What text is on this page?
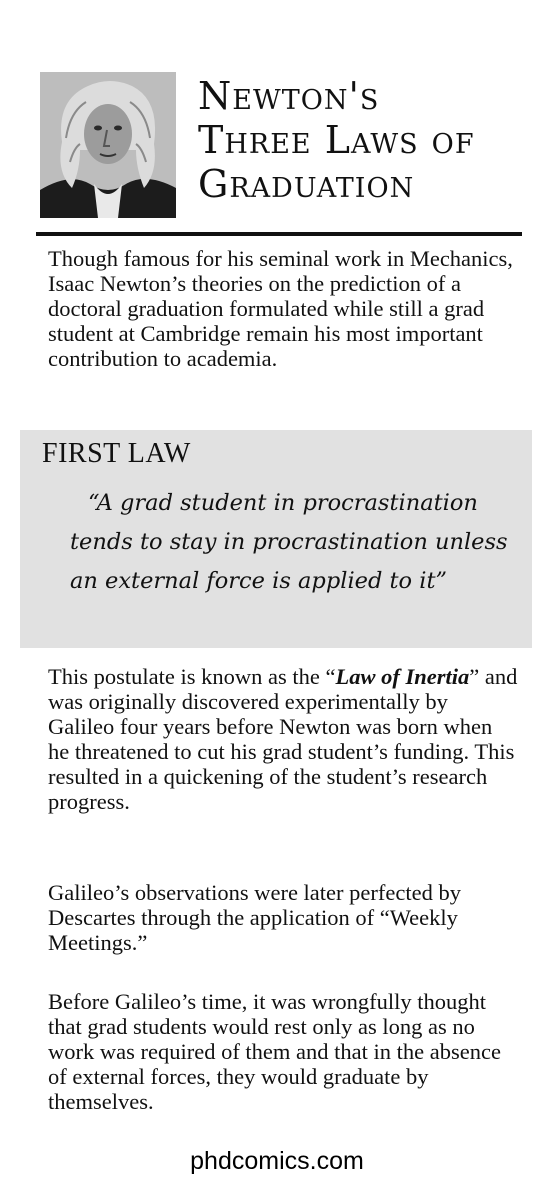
Newton's
Three Laws of
Graduation
Though famous for his seminal work in Mechanics, Isaac Newton’s theories on the prediction of a doctoral graduation formulated while still a grad student at Cambridge remain his most important contribution to academia.
FIRST LAW
“A grad student in procrastination tends to stay in procrastination unless an external force is applied to it”
This postulate is known as the “Law of Inertia” and was originally discovered experimentally by Galileo four years before Newton was born when he threatened to cut his grad student’s funding. This resulted in a quickening of the student’s research progress.
Galileo’s observations were later perfected by Descartes through the application of “Weekly Meetings.”
Before Galileo’s time, it was wrongfully thought that grad students would rest only as long as no work was required of them and that in the absence of external forces, they would graduate by themselves.
phdcomics.com
